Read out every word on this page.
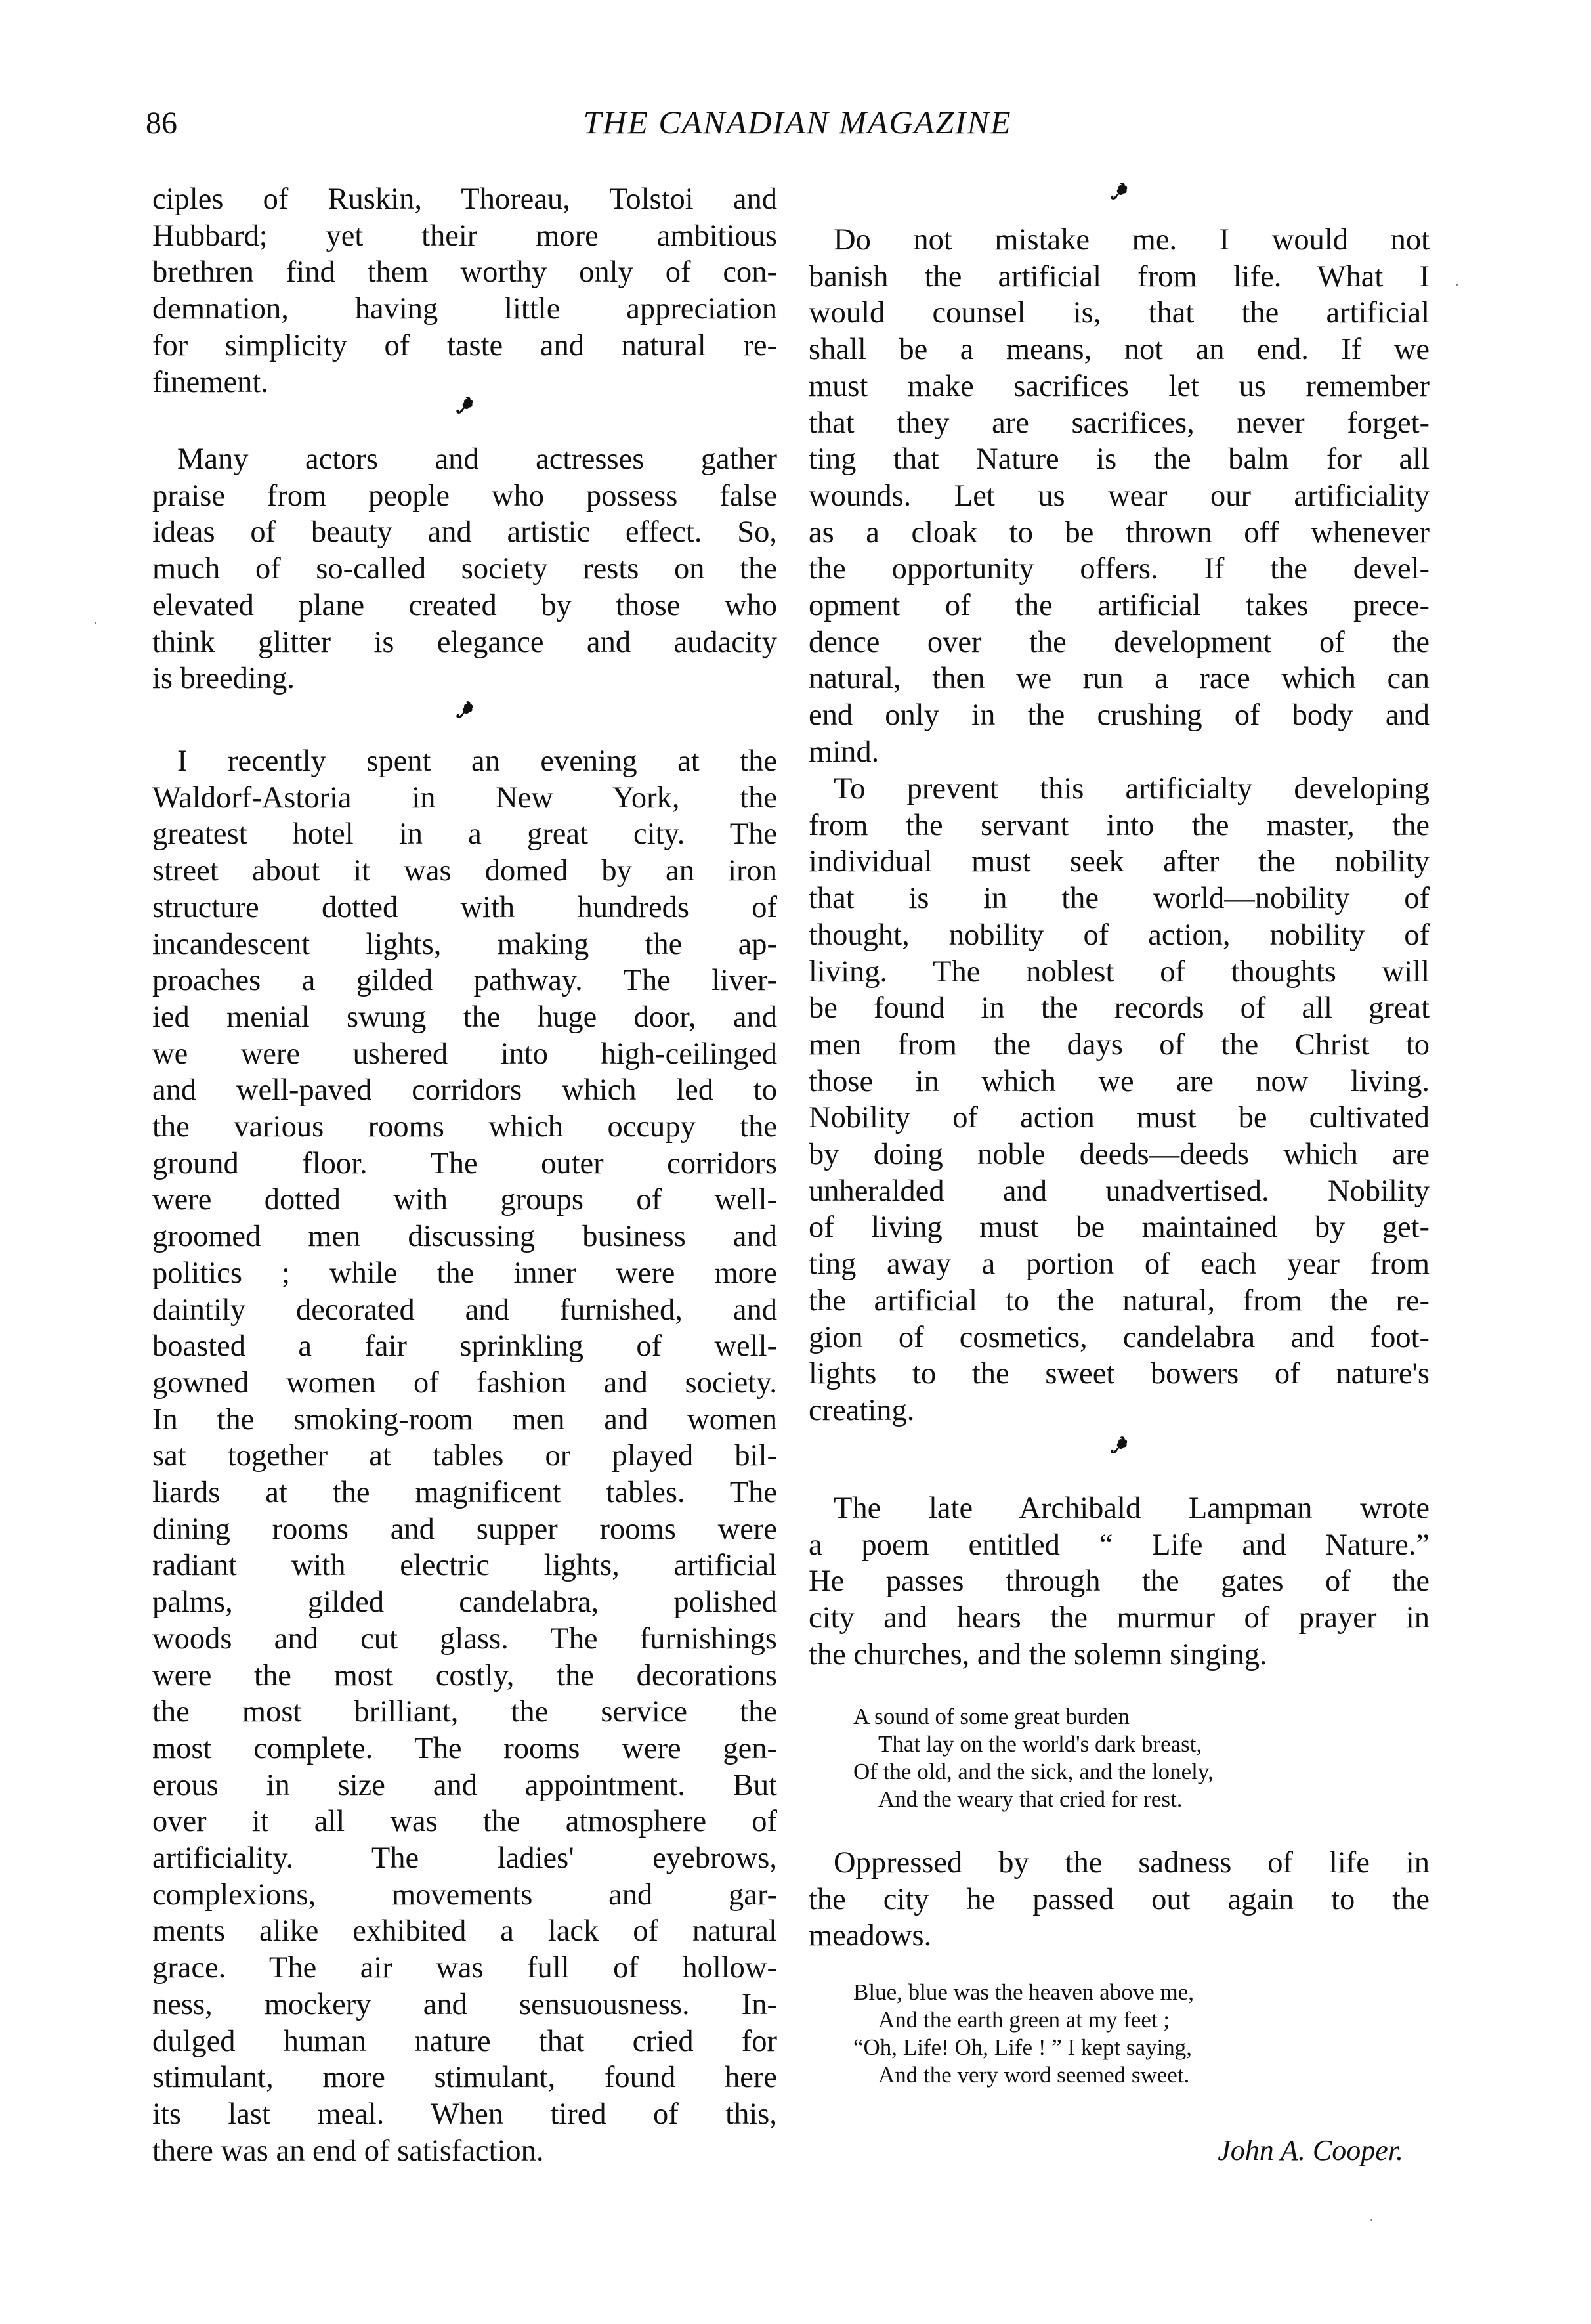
86	THE CANADIAN MAGAZINE
ciples of Ruskin, Thoreau, Tolstoi and
Hubbard; yet their more ambitious
brethren find them worthy only of con-
demnation, having little appreciation
for simplicity of taste and natural re-
finement.
Many actors and actresses gather
praise from people who possess false
ideas of beauty and artistic effect. So,
much of so-called society rests on the
elevated plane created by those who
think glitter is elegance and audacity
is breeding.
I recently spent an evening at the
Waldorf-Astoria in New York, the
greatest hotel in a great city. The
street about it was domed by an iron
structure dotted with hundreds of
incandescent lights, making the ap-
proaches a gilded pathway. The liver-
ied menial swung the huge door, and
we were ushered into high-ceilinged
and well-paved corridors which led to
the various rooms which occupy the
ground floor. The outer corridors
were dotted with groups of well-
groomed men discussing business and
politics ; while the inner were more
daintily decorated and furnished, and
boasted a fair sprinkling of well-
gowned women of fashion and society.
In the smoking-room men and women
sat together at tables or played bil-
liards at the magnificent tables. The
dining rooms and supper rooms were
radiant with electric lights, artificial
palms, gilded candelabra, polished
woods and cut glass. The furnishings
were the most costly, the decorations
the most brilliant, the service the
most complete. The rooms were gen-
erous in size and appointment. But
over it all was the atmosphere of
artificiality. The ladies' eyebrows,
complexions, movements and gar-
ments alike exhibited a lack of natural
grace. The air was full of hollow-
ness, mockery and sensuousness. In-
dulged human nature that cried for
stimulant, more stimulant, found here
its last meal. When tired of this,
there was an end of satisfaction.
Do not mistake me. I would not
banish the artificial from life. What I
would counsel is, that the artificial
shall be a means, not an end. If we
must make sacrifices let us remember
that they are sacrifices, never forget-
ting that Nature is the balm for all
wounds. Let us wear our artificiality
as a cloak to be thrown off whenever
the opportunity offers. If the devel-
opment of the artificial takes prece-
dence over the development of the
natural, then we run a race which can
end only in the crushing of body and
mind.
To prevent this artificialty developing
from the servant into the master, the
individual must seek after the nobility
that is in the world—nobility of
thought, nobility of action, nobility of
living. The noblest of thoughts will
be found in the records of all great
men from the days of the Christ to
those in which we are now living.
Nobility of action must be cultivated
by doing noble deeds—deeds which are
unheralded and unadvertised. Nobility
of living must be maintained by get-
ting away a portion of each year from
the artificial to the natural, from the re-
gion of cosmetics, candelabra and foot-
lights to the sweet bowers of nature's
creating.
The late Archibald Lampman wrote
a poem entitled “ Life and Nature.”
He passes through the gates of the
city and hears the murmur of prayer in
the churches, and the solemn singing.
A sound of some great burden
That lay on the world's dark breast,
Of the old, and the sick, and the lonely,
And the weary that cried for rest.
Oppressed by the sadness of life in
the city he passed out again to the
meadows.
Blue, blue was the heaven above me,
And the earth green at my feet ;
“Oh, Life! Oh, Life ! ” I kept saying,
And the very word seemed sweet.
John A. Cooper.
